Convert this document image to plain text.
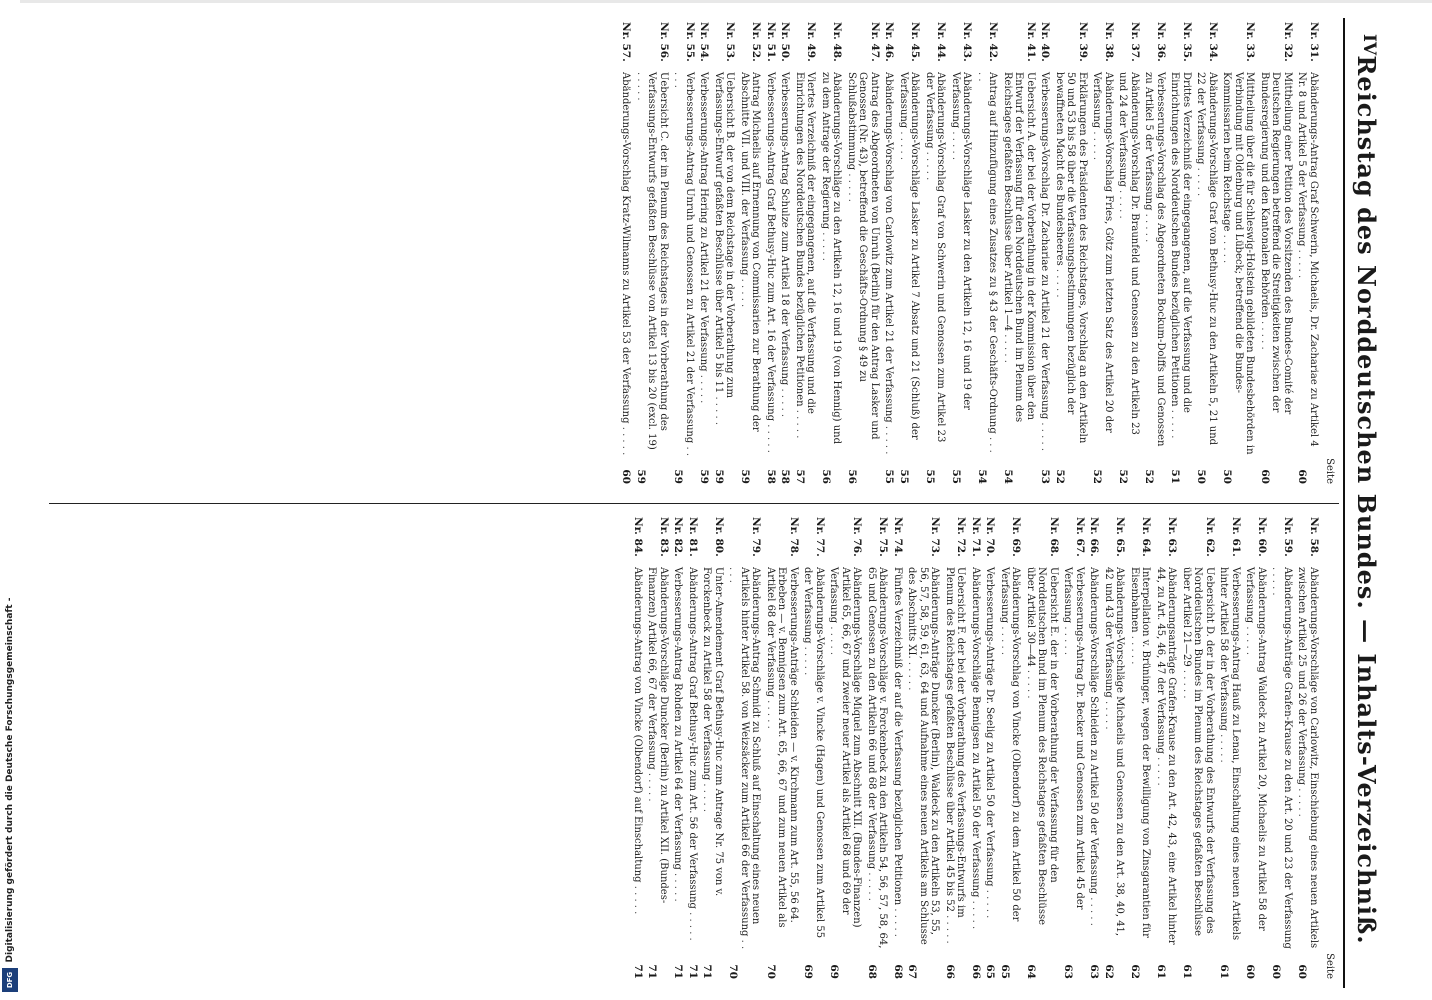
IV
Reichstag des Norddeutschen Bundes. — Inhalts-Verzeichniß.
Seite
Nr. 31.
Abänderungs-Antrag Graf Schwerin, Michaelis, Dr. Zachariae zu Artikel 4 Nr. 8 und Artikel 5 der Verfassung . . .
60
Nr. 32.
Mittheilung einer Petition des Vorsitzenden des Bundes-Comité der Deutschen Regierungen betreffend die Streitigkeiten zwischen der Bundesregierung und den Kantonalen Behörden . . .
60
Nr. 33.
Mittheilung über die für Schleswig-Holstein gebildeten Bundesbehörden in Verbindung mit Oldenburg und Lübeck; betreffend die Bundes-Kommissarien beim Reichstage . . .
50
Nr. 34.
Abänderungs-Vorschläge Graf von Bethusy-Huc zu den Artikeln 5, 21 und 22 der Verfassung . . .
50
Nr. 35.
Drittes Verzeichniß der eingegangenen, auf die Verfassung und die Einrichtungen des Norddeutschen Bundes bezüglichen Petitionen . . .
51
Nr. 36.
Verbesserungs-Vorschlag des Abgeordneten Bockum-Dolffs und Genossen zu Artikel 5 der Verfassung . . .
52
Nr. 37.
Abänderungs-Vorschlag Dr. Braunfeld und Genossen zu den Artikeln 23 und 24 der Verfassung . . .
52
Nr. 38.
Abänderungs-Vorschlag Fries, Götz zum letzten Satz des Artikel 20 der Verfassung . . .
52
Nr. 39.
Erklärungen des Präsidenten des Reichstages, Vorschlag an den Artikeln 50 und 53 bis 58 über die Verfassungsbestimmungen bezüglich der bewaffneten Macht des Bundesheeres . . .
52
Nr. 40.
Verbesserungs-Vorschlag Dr. Zachariae zu Artikel 21 der Verfassung . . .
53
Nr. 41.
Uebersicht A. der bei der Vorberathung in der Kommission über den Entwurf der Verfassung für den Norddeutschen Bund im Plenum des Reichstages gefaßten Beschlüsse über Artikel 1—4 . . .
54
Nr. 42.
Antrag auf Hinzufügung eines Zusatzes zu § 43 der Geschäfts-Ordnung . . .
54
Nr. 43.
Abänderungs-Vorschläge Lasker zu den Artikeln 12, 16 und 19 der Verfassung . . .
55
Nr. 44.
Abänderungs-Vorschlag Graf von Schwerin und Genossen zum Artikel 23 der Verfassung . . .
55
Nr. 45.
Abänderungs-Vorschläge Lasker zu Artikel 7 Absatz und 21 (Schluß) der Verfassung . . .
55
Nr. 46.
Abänderungs-Vorschlag von Carlowitz zum Artikel 21 der Verfassung . . .
55
Nr. 47.
Antrag des Abgeordneten von Unruh (Berlin) für den Antrag Lasker und Genossen (Nr. 43), betreffend die Geschäfts-Ordnung § 49 zu Schlußabstimmung . . .
56
Nr. 48.
Abänderungs-Vorschläge zu den Artikeln 12, 16 und 19 (von Hennig) und zu dem Antrage der Regierung . . .
56
Nr. 49.
Viertes Verzeichniß der eingegangenen, auf die Verfassung und die Einrichtungen des Norddeutschen Bundes bezüglichen Petitionen . . .
57
Nr. 50.
Verbesserungs-Antrag Schulze zum Artikel 18 der Verfassung . . .
58
Nr. 51.
Verbesserungs-Antrag Graf Bethusy-Huc zum Art. 16 der Verfassung . . .
58
Nr. 52.
Antrag Michaelis auf Ernennung von Commissarien zur Berathung der Abschnitte VII. und VIII. der Verfassung . . .
59
Nr. 53.
Uebersicht B. der von dem Reichstage in der Vorberathung zum Verfassungs-Entwurf gefaßten Beschlüsse über Artikel 5 bis 11 . . .
59
Nr. 54.
Verbesserungs-Antrag Hering zu Artikel 21 der Verfassung . . .
59
Nr. 55.
Verbesserungs-Antrag Unruh und Genossen zu Artikel 21 der Verfassung . . .
59
Nr. 56.
Uebersicht C. der im Plenum des Reichstages in der Vorberathung des Verfassungs-Entwurfs gefaßten Beschlüsse von Artikel 13 bis 20 (excl. 19) . . .
59
Nr. 57.
Abänderungs-Vorschlag Kratz-Wilmanns zu Artikel 53 der Verfassung . . .
60
Seite
Nr. 58.
Abänderungs-Vorschläge von Carlowitz, Einschiebung eines neuen Artikels zwischen Artikel 25 und 26 der Verfassung . . .
60
Nr. 59.
Abänderungs-Anträge Grafen-Krause zu den Art. 20 und 23 der Verfassung . . .
60
Nr. 60.
Abänderungs-Antrag Waldeck zu Artikel 20, Michaelis zu Artikel 58 der Verfassung . . .
60
Nr. 61.
Verbesserungs-Antrag Hauß zu Lenau, Einschaltung eines neuen Artikels hinter Artikel 58 der Verfassung . . .
61
Nr. 62.
Uebersicht D. der in der Vorberathung des Entwurfs der Verfassung des Norddeutschen Bundes im Plenum des Reichstages gefaßten Beschlüsse über Artikel 21—29 . . .
61
Nr. 63.
Abänderungsanträge Grafen-Krause zu den Art. 42, 43, eine Artikel hinter 44, zu Art. 45, 46, 47 der Verfassung . . .
61
Nr. 64.
Interpellation v. Brüninger, wegen der Bewilligung von Zinsgarantien für Eisenbahnen . . .
62
Nr. 65.
Abänderungs-Vorschläge Michaelis und Genossen zu den Art. 38, 40, 41, 42 und 43 der Verfassung . . .
62
Nr. 66.
Abänderungs-Vorschläge Schleiden zu Artikel 50 der Verfassung . . .
63
Nr. 67.
Verbesserungs-Antrag Dr. Becker und Genossen zum Artikel 45 der Verfassung . . .
63
Nr. 68.
Uebersicht E. der in der Vorberathung der Verfassung für den Norddeutschen Bund im Plenum des Reichstages gefaßten Beschlüsse über Artikel 30—44 . . .
64
Nr. 69.
Abänderungs-Vorschlag von Vincke (Olbendorf) zu dem Artikel 50 der Verfassung . . .
65
Nr. 70.
Verbesserungs-Anträge Dr. Seelig zu Artikel 50 der Verfassung . . .
65
Nr. 71.
Abänderungs-Vorschläge Bennigsen zu Artikel 50 der Verfassung . . .
66
Nr. 72.
Uebersicht F. der bei der Vorberathung des Verfassungs-Entwurfs im Plenum des Reichstages gefaßten Beschlüsse über Artikel 45 bis 52 . . .
66
Nr. 73.
Abänderungs-Anträge Duncker (Berlin), Waldeck zu den Artikeln 53, 55, 56, 57, 58, 59, 61, 63, 64 und Aufnahme eines neuen Artikels am Schlusse des Abschnitts XI. . . .
67
Nr. 74.
Fünftes Verzeichniß der auf die Verfassung bezüglichen Petitionen . . .
68
Nr. 75.
Abänderungs-Vorschläge v. Forckenbeck zu den Artikeln 54, 56, 57, 58, 64, 65 und Genossen zu den Artikeln 66 und 68 der Verfassung . . .
68
Nr. 76.
Abänderungs-Vorschläge Miquel zum Abschnitt XII. (Bundes-Finanzen) Artikel 65, 66, 67 und zweier neuer Artikel als Artikel 68 und 69 der Verfassung . . .
69
Nr. 77.
Abänderungs-Vorschläge v. Vincke (Hagen) und Genossen zum Artikel 55 der Verfassung . . .
69
Nr. 78.
Verbesserungs-Anträge Schleiden — v. Kirchmann zum Art. 55, 56 64. Erbeben — v. Bennigsen zum Art. 65, 66, 67 und zum neuen Artikel als Artikel 68 der Verfassung . . .
70
Nr. 79.
Abänderungs-Antrag Schmidt zu Schluß auf Einschaltung eines neuen Artikels hinter Artikel 58. von Weizsäcker zum Artikel 66 der Verfassung . . .
70
Nr. 80.
Unter-Amendement Graf Bethusy-Huc zum Antrage Nr. 75 von v. Forckenbeck zu Artikel 58 der Verfassung . . .
71
Nr. 81.
Abänderungs-Antrag Graf Bethusy-Huc zum Art. 56 der Verfassung . . .
71
Nr. 82.
Verbesserungs-Antrag Rohden zu Artikel 64 der Verfassung . . .
71
Nr. 83.
Abänderungs-Vorschläge Duncker (Berlin) zu Artikel XII. (Bundes-Finanzen) Artikel 66, 67 der Verfassung . . .
71
Nr. 84.
Abänderungs-Antrag von Vincke (Olbendorf) auf Einschaltung . . .
71
Digitalisierung gefördert durch die Deutsche Forschungsgemeinschaft -
DFG
